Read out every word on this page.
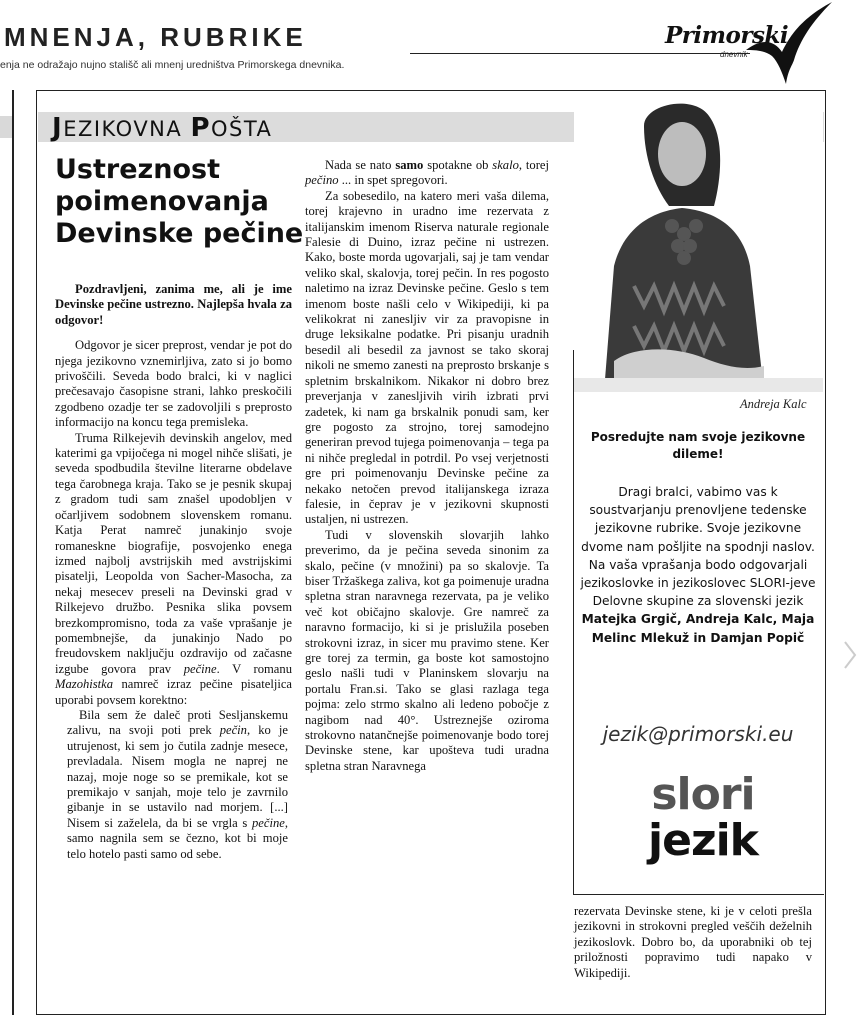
MNENJA, RUBRIKE
enja ne odražajo nujno stališč ali mnenj uredništva Primorskega dnevnika.
Primorski
dnevnik
JEZIKOVNA POŠTA
Ustreznost poimenovanja Devinske pečine

Pozdravljeni, zanima me, ali je ime Devinske pečine ustrezno. Najlepša hvala za odgovor!

Odgovor je sicer preprost, vendar je pot do njega jezikovno vznemirljiva, zato si jo bomo privoščili. Seveda bodo bralci, ki v naglici prečesavajo časopisne strani, lahko preskočili zgodbeno ozadje ter se zadovoljili s preprosto informacijo na koncu tega premisleka.

Truma Rilkejevih devinskih angelov, med katerimi ga vpijočega ni mogel nihče slišati, je seveda spodbudila številne literarne obdelave tega čarobnega kraja. Tako se je pesnik skupaj z gradom tudi sam znašel upodobljen v očarljivem sodobnem slovenskem romanu. Katja Perat namreč junakinjo svoje romaneskne biografije, posvojenko enega izmed najbolj avstrijskih med avstrijskimi pisatelji, Leopolda von Sacher-Masocha, za nekaj mesecev preseli na Devinski grad v Rilkejevo družbo. Pesnika slika povsem brezkompromisno, toda za vaše vprašanje je pomembnejše, da junakinjo Nado po freudovskem naključju ozdravijo od začasne izgube govora prav pečine. V romanu Mazohistka namreč izraz pečine pisateljica uporabi povsem korektno:

Bila sem že daleč proti Sesljanskemu zalivu, na svoji poti prek pečin, ko je utrujenost, ki sem jo čutila zadnje mesece, prevladala. Nisem mogla ne naprej ne nazaj, moje noge so se premikale, kot se premikajo v sanjah, moje telo je zavrnilo gibanje in se ustavilo nad morjem. [...] Nisem si zaželela, da bi se vrgla s pečine, samo nagnila sem se čezno, kot bi moje telo hotelo pasti samo od sebe.

Nada se nato samo spotakne ob skalo, torej pečino ... in spet spregovori.

Za sobesedilo, na katero meri vaša dilema, torej krajevno in uradno ime rezervata z italijanskim imenom Riserva naturale regionale Falesie di Duino, izraz pečine ni ustrezen. Kako, boste morda ugovarjali, saj je tam vendar veliko skal, skalovja, torej pečin. In res pogosto naletimo na izraz Devinske pečine. Geslo s tem imenom boste našli celo v Wikipediji, ki pa velikokrat ni zanesljiv vir za pravopisne in druge leksikalne podatke. Pri pisanju uradnih besedil ali besedil za javnost se tako skoraj nikoli ne smemo zanesti na preprosto brskanje s spletnim brskalnikom. Nikakor ni dobro brez preverjanja v zanesljivih virih izbrati prvi zadetek, ki nam ga brskalnik ponudi sam, ker gre pogosto za strojno, torej samodejno generiran prevod tujega poimenovanja – tega pa ni nihče pregledal in potrdil. Po vsej verjetnosti gre pri poimenovanju Devinske pečine za nekako netočen prevod italijanskega izraza falesie, in čeprav je v jezikovni skupnosti ustaljen, ni ustrezen.

Tudi v slovenskih slovarjih lahko preverimo, da je pečina seveda sinonim za skalo, pečine (v množini) pa so skalovje. Ta biser Tržaškega zaliva, kot ga poimenuje uradna spletna stran naravnega rezervata, pa je veliko več kot običajno skalovje. Gre namreč za naravno formacijo, ki si je prislužila poseben strokovni izraz, in sicer mu pravimo stene. Ker gre torej za termin, ga boste kot samostojno geslo našli tudi v Planinskem slovarju na portalu Fran.si. Tako se glasi razlaga tega pojma: zelo strmo skalno ali ledeno pobočje z nagibom nad 40°. Ustreznejše oziroma strokovno natančnejše poimenovanje bodo torej Devinske stene, kar upošteva tudi uradna spletna stran Naravnega

rezervata Devinske stene, ki je v celoti prešla jezikovni in strokovni pregled veščih deželnih jezikoslovk. Dobro bo, da uporabniki ob tej priložnosti popravimo tudi napako v Wikipediji.

Andreja Kalc
Posredujte nam svoje jezikovne dileme!
Dragi bralci, vabimo vas k soustvarjanju prenovljene tedenske jezikovne rubrike. Svoje jezikovne dvome nam pošljite na spodnji naslov. Na vaša vprašanja bodo odgovarjali jezikoslovke in jezikoslovec SLORI-jeve Delovne skupine za slovenski jezik
Matejka Grgič, Andreja Kalc, Maja Melinc Mlekuž in Damjan Popič
jezik@primorski.eu
slori
jezik
